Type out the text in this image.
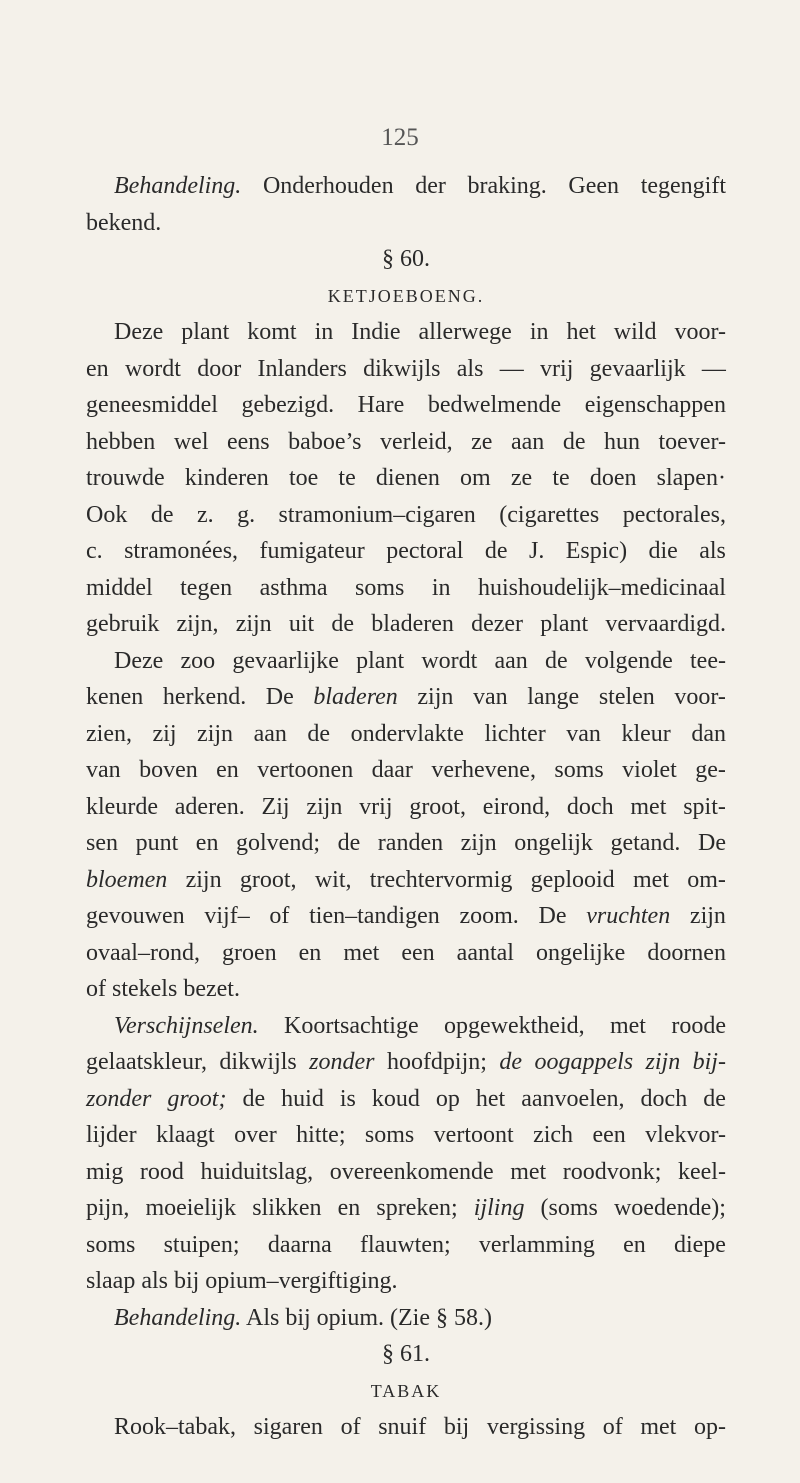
125
Behandeling. Onderhouden der braking. Geen tegengift
bekend.
§ 60.
KETJOEBOENG.
Deze plant komt in Indie allerwege in het wild voor-
en wordt door Inlanders dikwijls als — vrij gevaarlijk —
geneesmiddel gebezigd. Hare bedwelmende eigenschappen
hebben wel eens baboe’s verleid, ze aan de hun toever-
trouwde kinderen toe te dienen om ze te doen slapen·
Ook de z. g. stramonium–cigaren (cigarettes pectorales,
c. stramonées, fumigateur pectoral de J. Espic) die als
middel tegen asthma soms in huishoudelijk–medicinaal
gebruik zijn, zijn uit de bladeren dezer plant vervaardigd.
Deze zoo gevaarlijke plant wordt aan de volgende tee-
kenen herkend. De bladeren zijn van lange stelen voor-
zien, zij zijn aan de ondervlakte lichter van kleur dan
van boven en vertoonen daar verhevene, soms violet ge-
kleurde aderen. Zij zijn vrij groot, eirond, doch met spit-
sen punt en golvend; de randen zijn ongelijk getand. De
bloemen zijn groot, wit, trechtervormig geplooid met om-
gevouwen vijf– of tien–tandigen zoom. De vruchten zijn
ovaal–rond, groen en met een aantal ongelijke doornen
of stekels bezet.
Verschijnselen. Koortsachtige opgewektheid, met roode
gelaatskleur, dikwijls zonder hoofdpijn; de oogappels zijn bij-
zonder groot; de huid is koud op het aanvoelen, doch de
lijder klaagt over hitte; soms vertoont zich een vlekvor-
mig rood huiduitslag, overeenkomende met roodvonk; keel-
pijn, moeielijk slikken en spreken; ijling (soms woedende);
soms stuipen; daarna flauwten; verlamming en diepe
slaap als bij opium–vergiftiging.
Behandeling. Als bij opium. (Zie § 58.)
§ 61.
TABAK
Rook–tabak, sigaren of snuif bij vergissing of met op-
